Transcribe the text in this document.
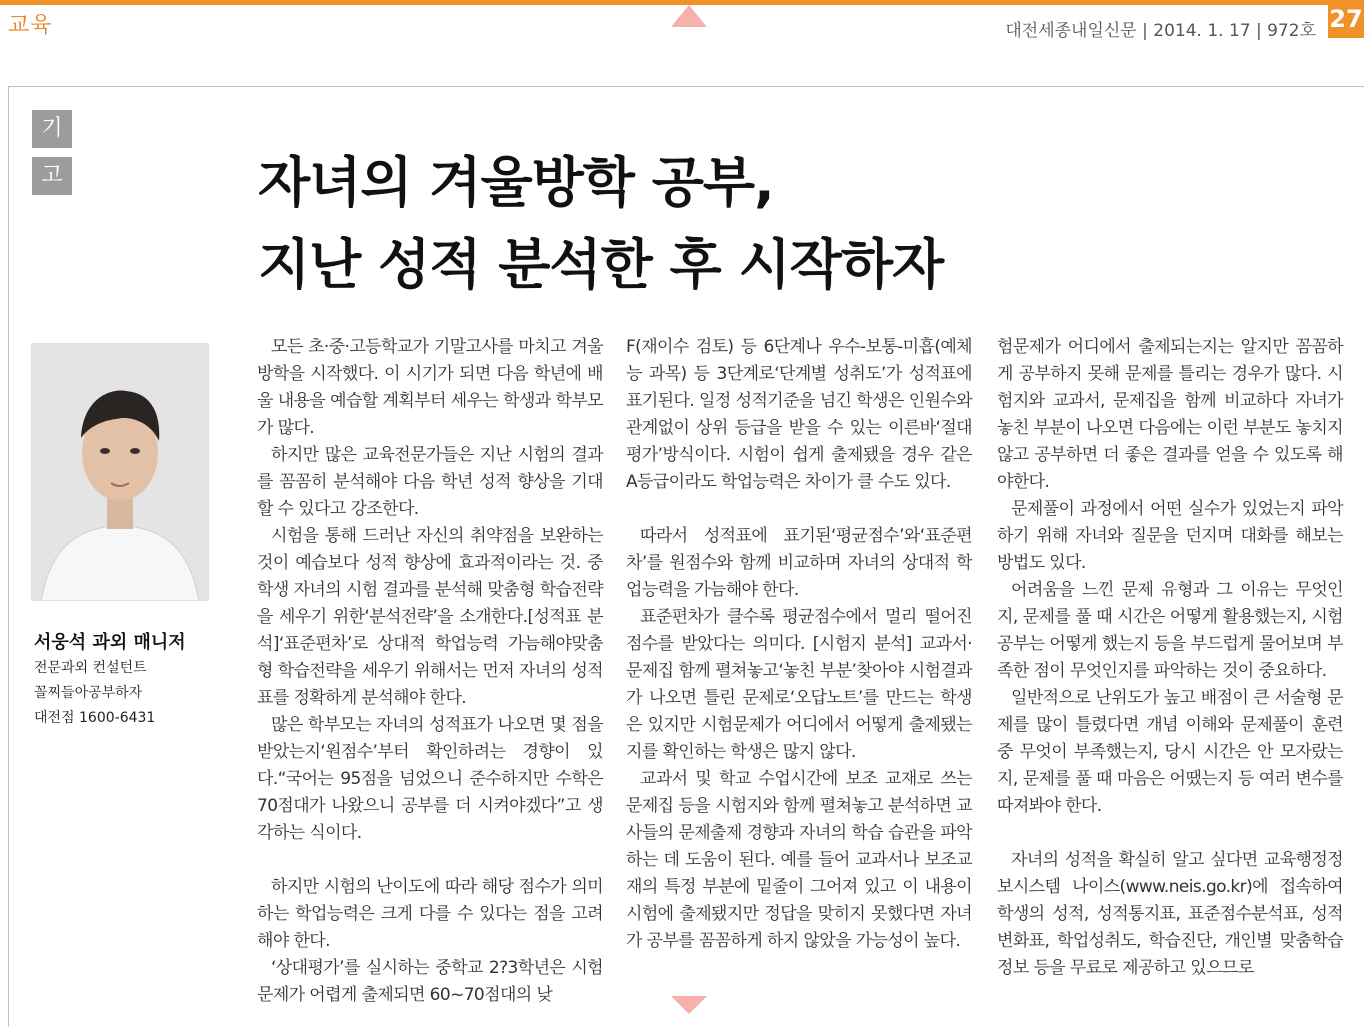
교육	대전세종내일신문 | 2014. 1. 17 | 972호 27
기
고	자녀의 겨울방학 공부,
지난 성적 분석한 후 시작하자
서웅석 과외 매니저
전문과외 컨설턴트
꼴찌들아공부하자
대전점 1600-6431

모든 초·중·고등학교가 기말고사를 마치고 겨울방학을 시작했다. 이 시기가 되면 다음 학년에 배울 내용을 예습할 계획부터 세우는 학생과 학부모가 많다.

하지만 많은 교육전문가들은 지난 시험의 결과를 꼼꼼히 분석해야 다음 학년 성적 향상을 기대할 수 있다고 강조한다.

시험을 통해 드러난 자신의 취약점을 보완하는 것이 예습보다 성적 향상에 효과적이라는 것. 중학생 자녀의 시험 결과를 분석해 맞춤형 학습전략을 세우기 위한‘분석전략’을 소개한다.[성적표 분석]‘표준편차’로 상대적 학업능력 가늠해야맞춤형 학습전략을 세우기 위해서는 먼저 자녀의 성적표를 정확하게 분석해야 한다.

많은 학부모는 자녀의 성적표가 나오면 몇 점을 받았는지‘원점수’부터 확인하려는 경향이 있다.“국어는 95점을 넘었으니 준수하지만 수학은 70점대가 나왔으니 공부를 더 시켜야겠다”고 생각하는 식이다.

하지만 시험의 난이도에 따라 해당 점수가 의미하는 학업능력은 크게 다를 수 있다는 점을 고려해야 한다.

‘상대평가’를 실시하는 중학교 2?3학년은 시험문제가 어렵게 출제되면 60~70점대의 낮

F(재이수 검토) 등 6단계나 우수-보통-미흡(예체능 과목) 등 3단계로‘단계별 성취도’가 성적표에 표기된다. 일정 성적기준을 넘긴 학생은 인원수와 관계없이 상위 등급을 받을 수 있는 이른바‘절대평가’방식이다. 시험이 쉽게 출제됐을 경우 같은 A등급이라도 학업능력은 차이가 클 수도 있다.

따라서 성적표에 표기된‘평균점수’와‘표준편차’를 원점수와 함께 비교하며 자녀의 상대적 학업능력을 가늠해야 한다.

표준편차가 클수록 평균점수에서 멀리 떨어진 점수를 받았다는 의미다. [시험지 분석] 교과서·문제집 함께 펼쳐놓고‘놓친 부분’찾아야 시험결과가 나오면 틀린 문제로‘오답노트’를 만드는 학생은 있지만 시험문제가 어디에서 어떻게 출제됐는지를 확인하는 학생은 많지 않다.

교과서 및 학교 수업시간에 보조 교재로 쓰는 문제집 등을 시험지와 함께 펼쳐놓고 분석하면 교사들의 문제출제 경향과 자녀의 학습 습관을 파악하는 데 도움이 된다. 예를 들어 교과서나 보조교재의 특정 부분에 밑줄이 그어져 있고 이 내용이 시험에 출제됐지만 정답을 맞히지 못했다면 자녀가 공부를 꼼꼼하게 하지 않았을 가능성이 높다.

험문제가 어디에서 출제되는지는 알지만 꼼꼼하게 공부하지 못해 문제를 틀리는 경우가 많다. 시험지와 교과서, 문제집을 함께 비교하다 자녀가 놓친 부분이 나오면 다음에는 이런 부분도 놓치지 않고 공부하면 더 좋은 결과를 얻을 수 있도록 해야한다.

문제풀이 과정에서 어떤 실수가 있었는지 파악하기 위해 자녀와 질문을 던지며 대화를 해보는 방법도 있다.

어려움을 느낀 문제 유형과 그 이유는 무엇인지, 문제를 풀 때 시간은 어떻게 활용했는지, 시험공부는 어떻게 했는지 등을 부드럽게 물어보며 부족한 점이 무엇인지를 파악하는 것이 중요하다.

일반적으로 난위도가 높고 배점이 큰 서술형 문제를 많이 틀렸다면 개념 이해와 문제풀이 훈련 중 무엇이 부족했는지, 당시 시간은 안 모자랐는지, 문제를 풀 때 마음은 어땠는지 등 여러 변수를 따져봐야 한다.

자녀의 성적을 확실히 알고 싶다면 교육행정정보시스템 나이스(www.neis.go.kr)에 접속하여 학생의 성적, 성적통지표, 표준점수분석표, 성적변화표, 학업성취도, 학습진단, 개인별 맞춤학습 정보 등을 무료로 제공하고 있으므로
